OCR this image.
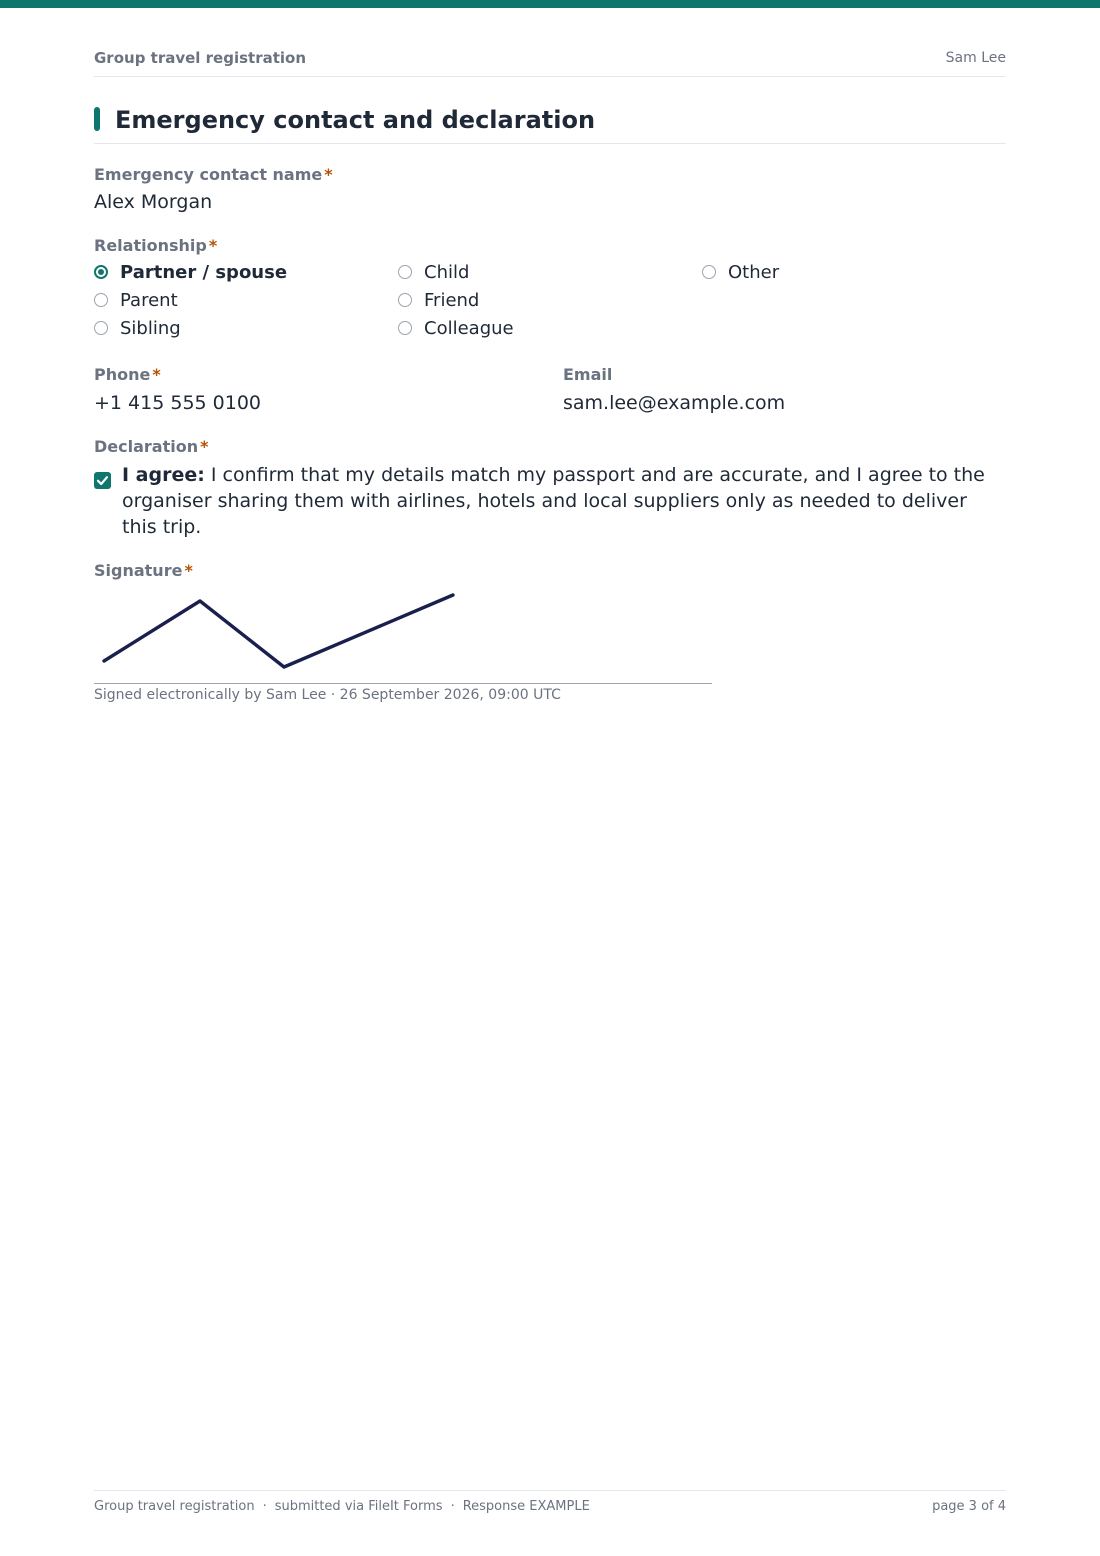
Group travel registration	Sam Lee
Emergency contact and declaration
Emergency contact name *
Alex Morgan
Relationship *
Partner / spouse
Parent
Sibling
Child
Friend
Colleague
Other
Phone *
+1 415 555 0100
Email
sam.lee@example.com
Declaration *
I agree: I confirm that my details match my passport and are accurate, and I agree to the organiser sharing them with airlines, hotels and local suppliers only as needed to deliver this trip.
Signature *
Signed electronically by Sam Lee · 26 September 2026, 09:00 UTC
Group travel registration · submitted via FileIt Forms · Response EXAMPLE	page 3 of 4
